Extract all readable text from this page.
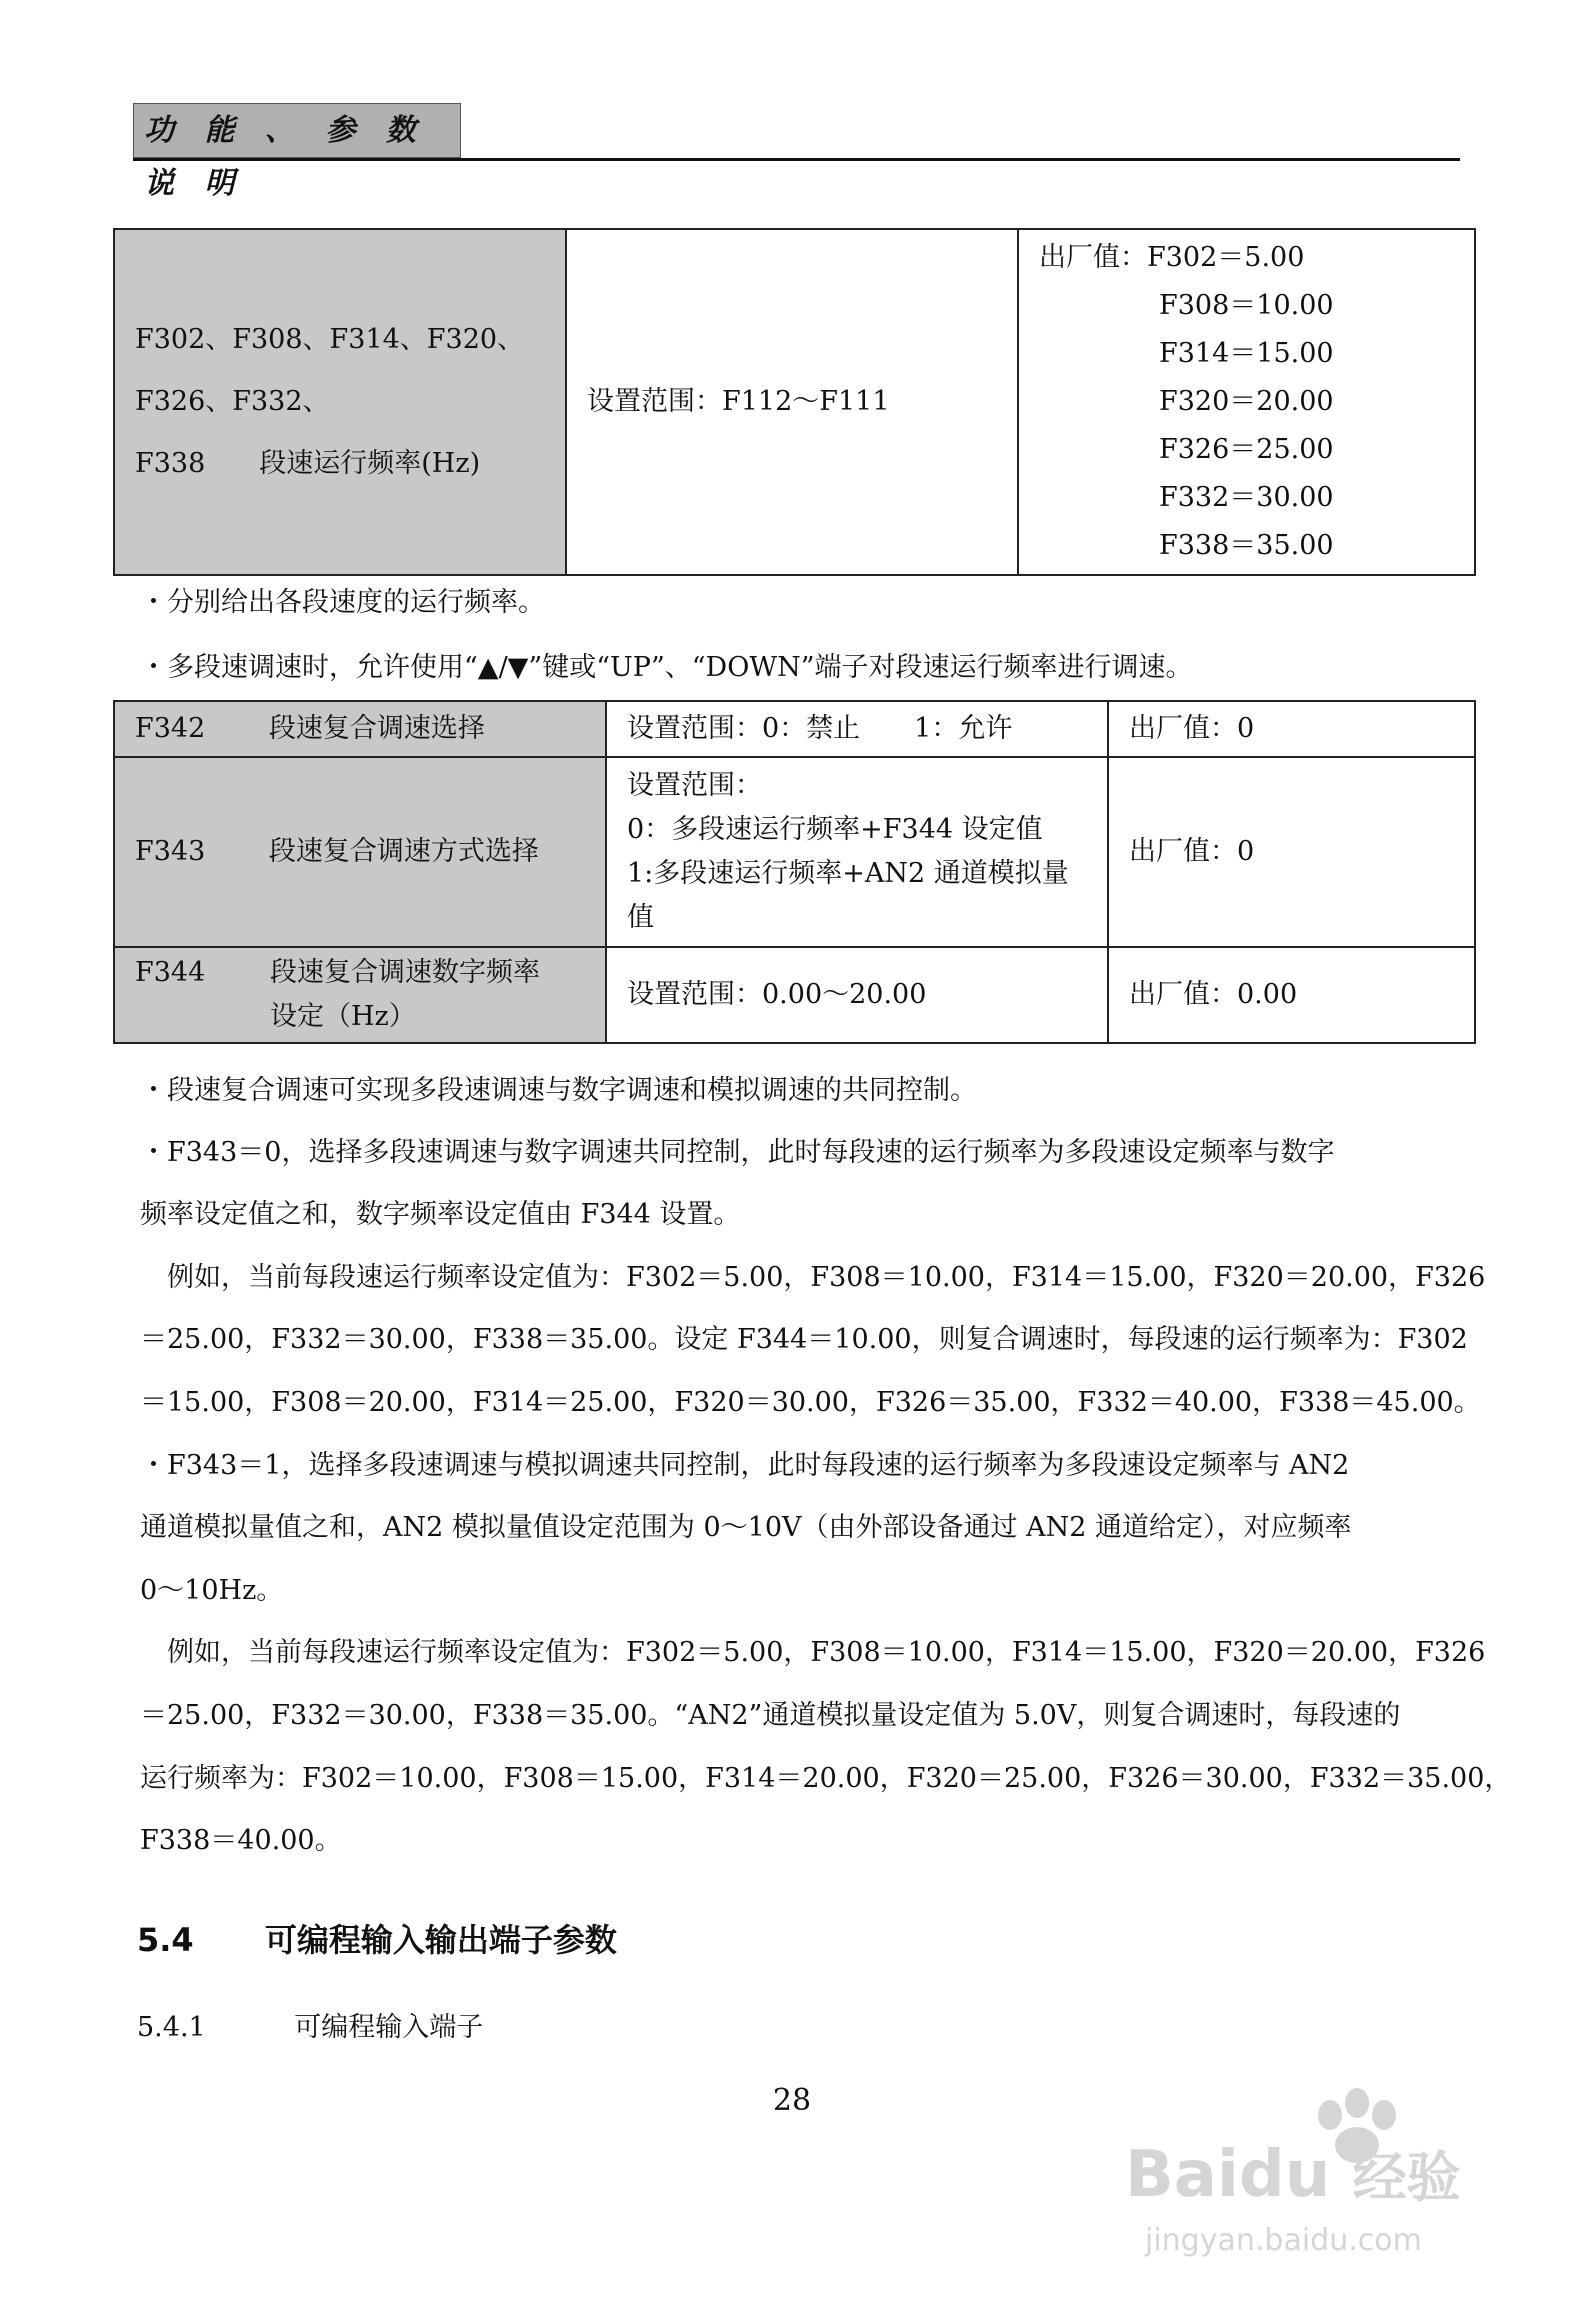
功 能 、 参 数 说 明
F302、F308、F314、F320、F326、F332、
F338　　段速运行频率(Hz)
	设置范围：F112～F111	
出厂值：F302＝5.00
F308＝10.00
F314＝15.00
F320＝20.00
F326＝25.00
F332＝30.00
F338＝35.00
・分别给出各段速度的运行频率。
・多段速调速时，允许使用“▲/▼”键或“UP”、“DOWN”端子对段速运行频率进行调速。
F342 段速复合调速选择	设置范围：0：禁止　　1：允许	出厂值：0
F343 段速复合调速方式选择	设置范围：
0：多段速运行频率+F344 设定值
1:多段速运行频率+AN2 通道模拟量
值	出厂值：0

F344 段速复合调速数字频率
设定（Hz）	设置范围：0.00～20.00	出厂值：0.00
・段速复合调速可实现多段速调速与数字调速和模拟调速的共同控制。
・F343＝0，选择多段速调速与数字调速共同控制，此时每段速的运行频率为多段速设定频率与数字
频率设定值之和，数字频率设定值由 F344 设置。
　例如，当前每段速运行频率设定值为：F302＝5.00，F308＝10.00，F314＝15.00，F320＝20.00，F326
＝25.00，F332＝30.00，F338＝35.00。设定 F344＝10.00，则复合调速时，每段速的运行频率为：F302
＝15.00，F308＝20.00，F314＝25.00，F320＝30.00，F326＝35.00，F332＝40.00，F338＝45.00。
・F343＝1，选择多段速调速与模拟调速共同控制，此时每段速的运行频率为多段速设定频率与 AN2
通道模拟量值之和，AN2 模拟量值设定范围为 0～10V（由外部设备通过 AN2 通道给定），对应频率
0～10Hz。
　例如，当前每段速运行频率设定值为：F302＝5.00，F308＝10.00，F314＝15.00，F320＝20.00，F326
＝25.00，F332＝30.00，F338＝35.00。“AN2”通道模拟量设定值为 5.0V，则复合调速时，每段速的
运行频率为：F302＝10.00，F308＝15.00，F314＝20.00，F320＝25.00，F326＝30.00，F332＝35.00，
F338＝40.00。
5.4 可编程输入输出端子参数
5.4.1	可编程输入端子
28
Baidu 经验
jingyan.baidu.com
